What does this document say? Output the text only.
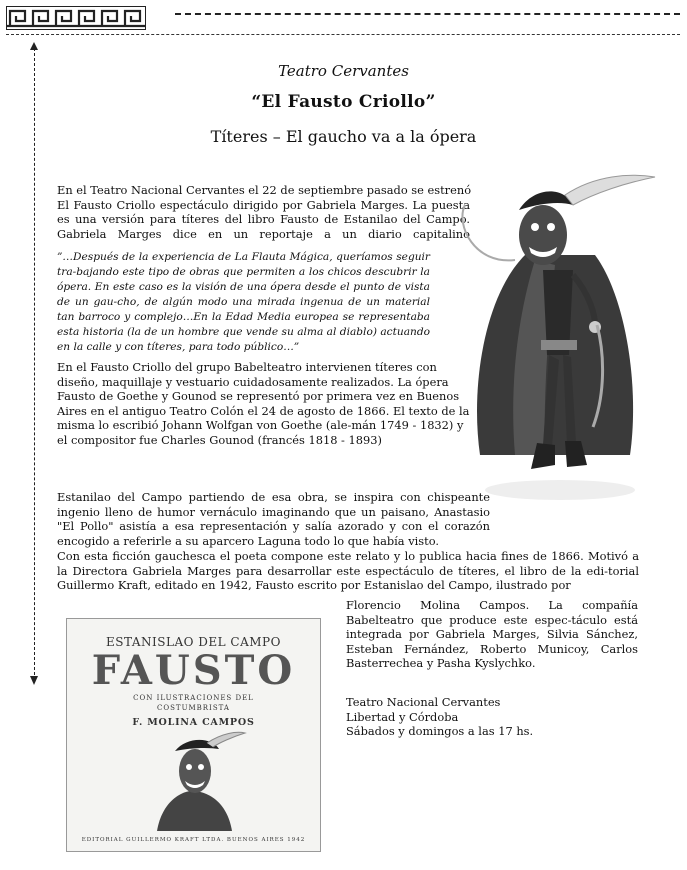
Teatro Cervantes
“El Fausto Criollo”
Títeres – El gaucho va a la ópera
En el Teatro Nacional Cervantes el 22 de septiembre pasado se estrenó
El Fausto Criollo espectáculo dirigido por Gabriela Marges. La puesta
es una versión para títeres del libro Fausto de Estanilao del Campo.
Gabriela Marges dice en un reportaje a un diario capitalino

”…Después de la experiencia de La Flauta Mágica, queríamos seguir tra-bajando este tipo de obras que permiten a los chicos descubrir la ópera. En este caso es la visión de una ópera desde el punto de vista de un gau-cho, de algún modo una mirada ingenua de un material tan barroco y complejo…En la Edad Media europea se representaba esta historia (la de un hombre que vende su alma al diablo) actuando en la calle y con títeres, para todo público…”

En el Fausto Criollo del grupo Babelteatro intervienen títeres con diseño, maquillaje y vestuario cuidadosamente realizados. La ópera Fausto de Goethe y Gounod se representó por primera vez en Buenos Aires en el antiguo Teatro Colón el 24 de agosto de 1866. El texto de la misma lo escribió Johann Wolfgan von Goethe (ale-mán 1749 - 1832) y el compositor fue Charles Gounod (francés 1818 - 1893)

Estanilao del Campo partiendo de esa obra, se inspira con chispeante ingenio lleno de humor vernáculo imaginando que un paisano, Anastasio "El Pollo" asistía a esa representación y salía azorado y con el corazón encogido a referirle a su aparcero Laguna todo lo que había visto.

Con esta ficción gauchesca el poeta compone este relato y lo publica hacia fines de 1866. Motivó a la Directora Gabriela Marges para desarrollar este espectáculo de títeres, el libro de la edi-torial Guillermo Kraft, editado en 1942, Fausto escrito por Estanislao del Campo, ilustrado por

Florencio Molina Campos. La compañía Babelteatro que produce este espec-táculo está integrada por Gabriela Marges, Silvia Sánchez, Esteban Fernández, Roberto Municoy, Carlos Basterrechea y Pasha Kyslychko.

Teatro Nacional Cervantes
Libertad y Córdoba
Sábados y domingos a las 17 hs.
ESTANISLAO DEL CAMPO
FAUSTO
CON ILUSTRACIONES DEL
COSTUMBRISTA
F. MOLINA CAMPOS
EDITORIAL GUILLERMO KRAFT LTDA. BUENOS AIRES 1942
